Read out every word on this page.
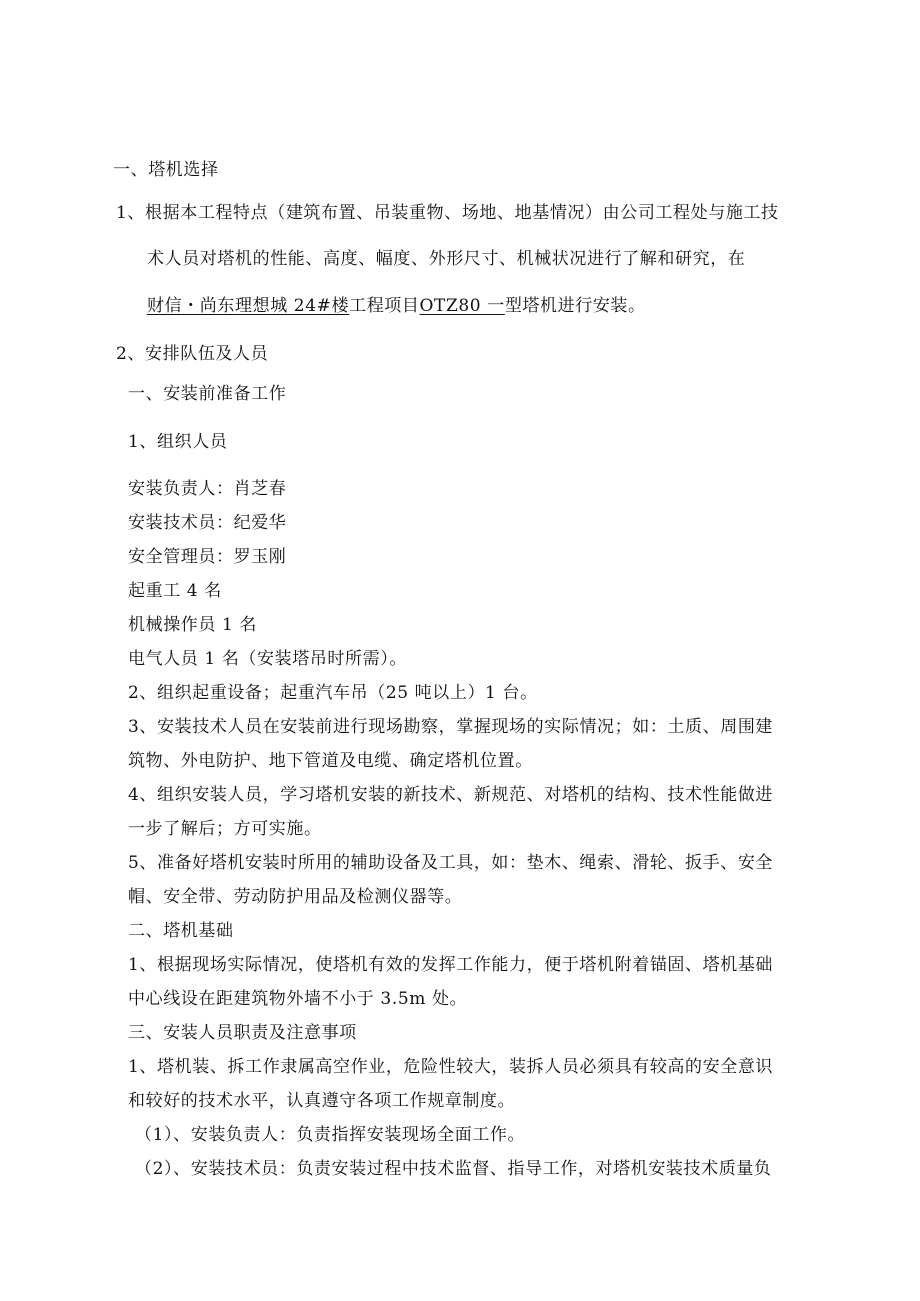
一、塔机选择
1、根据本工程特点（建筑布置、吊装重物、场地、地基情况）由公司工程处与施工技
术人员对塔机的性能、高度、幅度、外形尺寸、机械状况进行了解和研究，在
财信・尚东理想城 24#楼工程项目OTZ80 一型塔机进行安装。
2、安排队伍及人员
一、安装前准备工作
1、组织人员
安装负责人：肖芝春
安装技术员：纪爱华
安全管理员：罗玉刚
起重工 4 名
机械操作员 1 名
电气人员 1 名（安装塔吊时所需）。
2、组织起重设备；起重汽车吊（25 吨以上）1 台。
3、安装技术人员在安装前进行现场勘察，掌握现场的实际情况；如：土质、周围建
筑物、外电防护、地下管道及电缆、确定塔机位置。
4、组织安装人员，学习塔机安装的新技术、新规范、对塔机的结构、技术性能做进
一步了解后；方可实施。
5、准备好塔机安装时所用的辅助设备及工具，如：垫木、绳索、滑轮、扳手、安全
帽、安全带、劳动防护用品及检测仪器等。
二、塔机基础
1、根据现场实际情况，使塔机有效的发挥工作能力，便于塔机附着锚固、塔机基础
中心线设在距建筑物外墙不小于 3.5m 处。
三、安装人员职责及注意事项
1、塔机装、拆工作隶属高空作业，危险性较大，装拆人员必须具有较高的安全意识
和较好的技术水平，认真遵守各项工作规章制度。
（1）、安装负责人：负责指挥安装现场全面工作。
（2）、安装技术员：负责安装过程中技术监督、指导工作，对塔机安装技术质量负
